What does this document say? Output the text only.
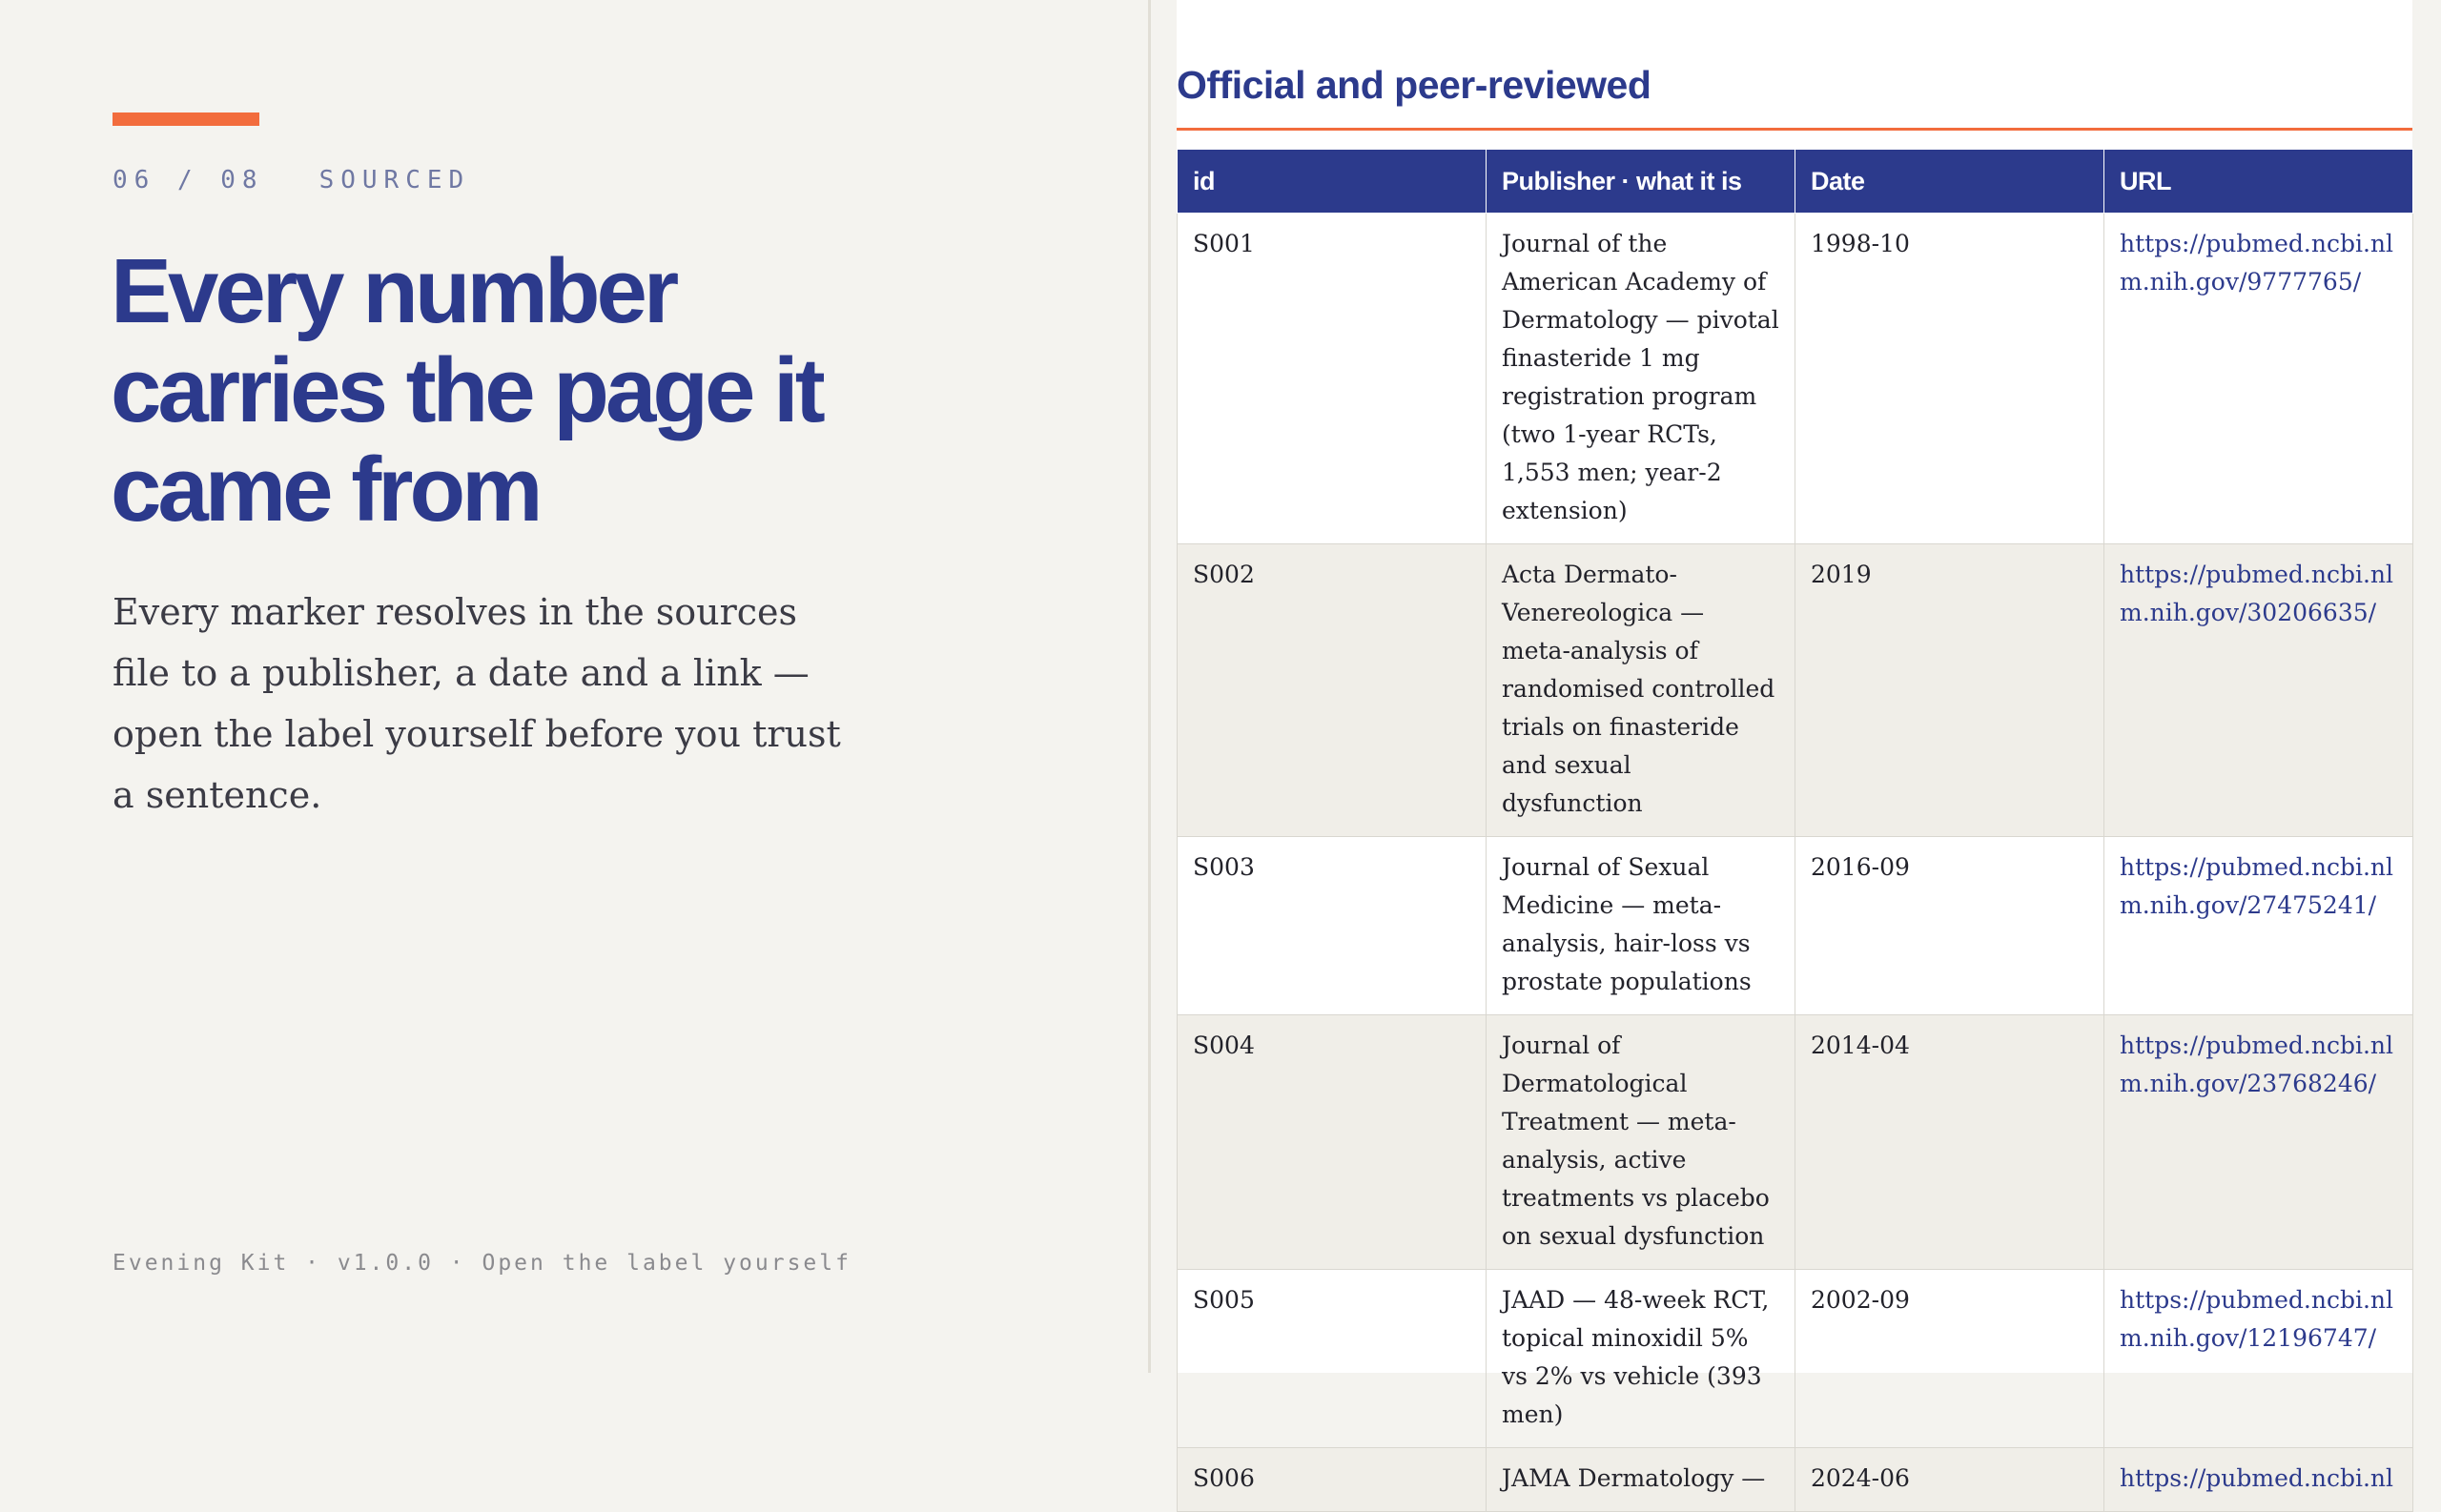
06 / 08 SOURCED
Every number carries the page it came from

Every marker resolves in the sources file to a publisher, a date and a link — open the label yourself before you trust a sentence.

Evening Kit · v1.0.0 · Open the label yourself
Official and peer-reviewed
id	Publisher · what it is	Date	URL
S001	Journal of the American Academy of Dermatology — pivotal finasteride 1 mg registration program (two 1-year RCTs, 1,553 men; year-2 extension)	1998-10	https://pubmed.ncbi.nlm.nih.gov/9777765/
S002	Acta Dermato-Venereologica — meta-analysis of randomised controlled trials on finasteride and sexual dysfunction	2019	https://pubmed.ncbi.nlm.nih.gov/30206635/
S003	Journal of Sexual Medicine — meta-analysis, hair-loss vs prostate populations	2016-09	https://pubmed.ncbi.nlm.nih.gov/27475241/
S004	Journal of Dermatological Treatment — meta-analysis, active treatments vs placebo on sexual dysfunction	2014-04	https://pubmed.ncbi.nlm.nih.gov/23768246/
S005	JAAD — 48-week RCT, topical minoxidil 5% vs 2% vs vehicle (393 men)	2002-09	https://pubmed.ncbi.nlm.nih.gov/12196747/
S006	JAMA Dermatology —	2024-06	https://pubmed.ncbi.nl
